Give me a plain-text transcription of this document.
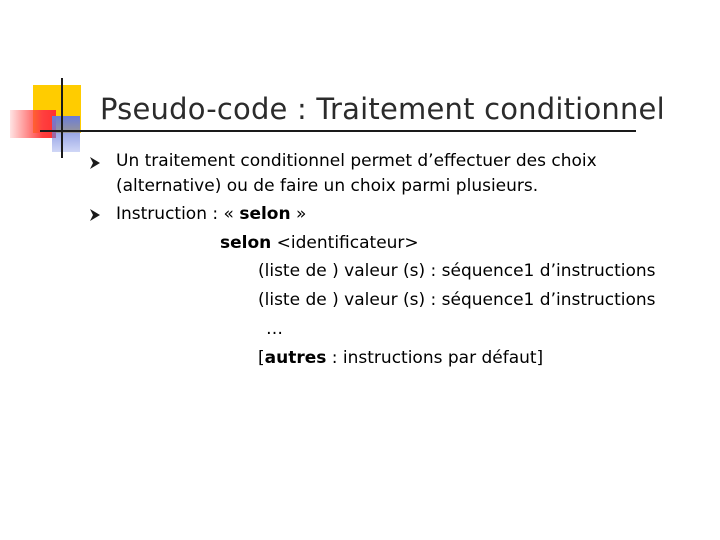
Pseudo-code : Traitement conditionnel
Un traitement conditionnel permet d’effectuer des choix
(alternative) ou de faire un choix parmi plusieurs.
Instruction : « selon »
selon <identificateur>
(liste de ) valeur (s) : séquence1 d’instructions
(liste de ) valeur (s) : séquence1 d’instructions
…
[autres : instructions par défaut]
